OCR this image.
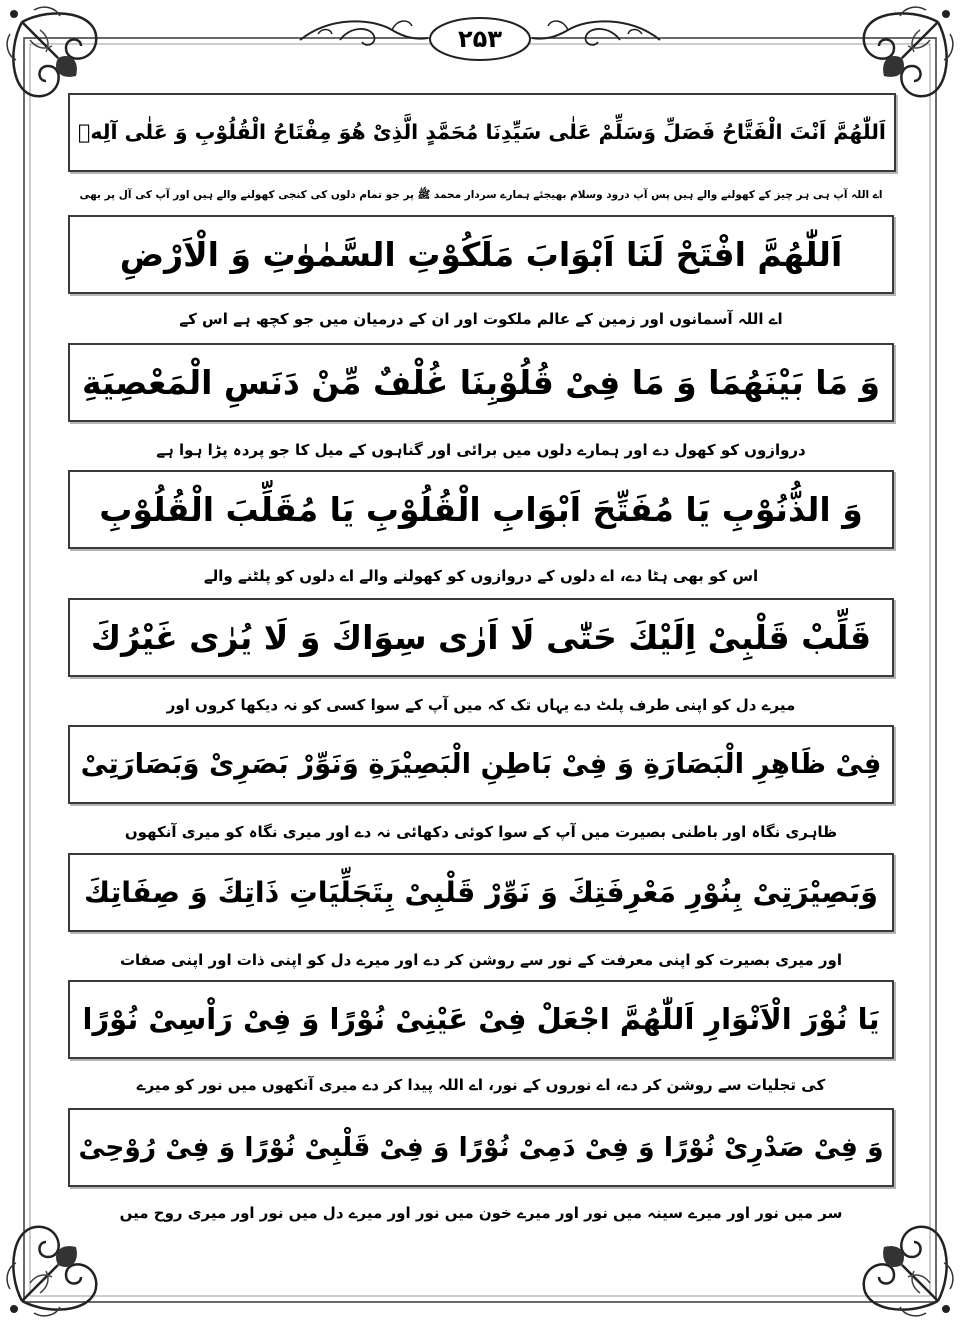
۲۵۳
اَللّٰهُمَّ اَنْتَ الْفَتَّاحُ فَصَلِّ وَسَلِّمْ عَلٰى سَيِّدِنَا مُحَمَّدٍ الَّذِىْ هُوَ مِفْتَاحُ الْقُلُوْبِ وَ عَلٰى آلِهٖ
اے اللہ آپ ہی ہر چیز کے کھولنے والے ہیں پس آپ درود وسلام بھیجئے ہمارے سردار محمد ﷺ پر جو تمام دلوں کی کنجی کھولنے والے ہیں اور آپ کی آل پر بھی
اَللّٰهُمَّ افْتَحْ لَنَا اَبْوَابَ مَلَكُوْتِ السَّمٰوٰتِ وَ الْاَرْضِ
اے اللہ آسمانوں اور زمین کے عالم ملکوت اور ان کے درمیان میں جو کچھ ہے اس کے
وَ مَا بَيْنَهُمَا وَ مَا فِىْ قُلُوْبِنَا غُلْفٌ مِّنْ دَنَسِ الْمَعْصِيَةِ
دروازوں کو کھول دے اور ہمارے دلوں میں برائی اور گناہوں کے میل کا جو پردہ پڑا ہوا ہے
وَ الذُّنُوْبِ يَا مُفَتِّحَ اَبْوَابِ الْقُلُوْبِ يَا مُقَلِّبَ الْقُلُوْبِ
اس کو بھی ہٹا دے، اے دلوں کے دروازوں کو کھولنے والے اے دلوں کو پلٹنے والے
قَلِّبْ قَلْبِىْ اِلَيْكَ حَتّٰى لَا اَرٰى سِوَاكَ وَ لَا يُرٰى غَيْرُكَ
میرے دل کو اپنی طرف پلٹ دے یہاں تک کہ میں آپ کے سوا کسی کو نہ دیکھا کروں اور
فِىْ ظَاهِرِ الْبَصَارَةِ وَ فِىْ بَاطِنِ الْبَصِيْرَةِ وَنَوِّرْ بَصَرِىْ وَبَصَارَتِىْ
ظاہری نگاہ اور باطنی بصیرت میں آپ کے سوا کوئی دکھائی نہ دے اور میری نگاہ کو میری آنکھوں
وَبَصِيْرَتِىْ بِنُوْرِ مَعْرِفَتِكَ وَ نَوِّرْ قَلْبِىْ بِتَجَلِّيَاتِ ذَاتِكَ وَ صِفَاتِكَ
اور میری بصیرت کو اپنی معرفت کے نور سے روشن کر دے اور میرے دل کو اپنی ذات اور اپنی صفات
يَا نُوْرَ الْاَنْوَارِ اَللّٰهُمَّ اجْعَلْ فِىْ عَيْنِىْ نُوْرًا وَ فِىْ رَاْسِىْ نُوْرًا
کی تجلیات سے روشن کر دے، اے نوروں کے نور، اے اللہ پیدا کر دے میری آنکھوں میں نور کو میرے
وَ فِىْ صَدْرِىْ نُوْرًا وَ فِىْ دَمِىْ نُوْرًا وَ فِىْ قَلْبِىْ نُوْرًا وَ فِىْ رُوْحِىْ
سر میں نور اور میرے سینہ میں نور اور میرے خون میں نور اور میرے دل میں نور اور میری روح میں
